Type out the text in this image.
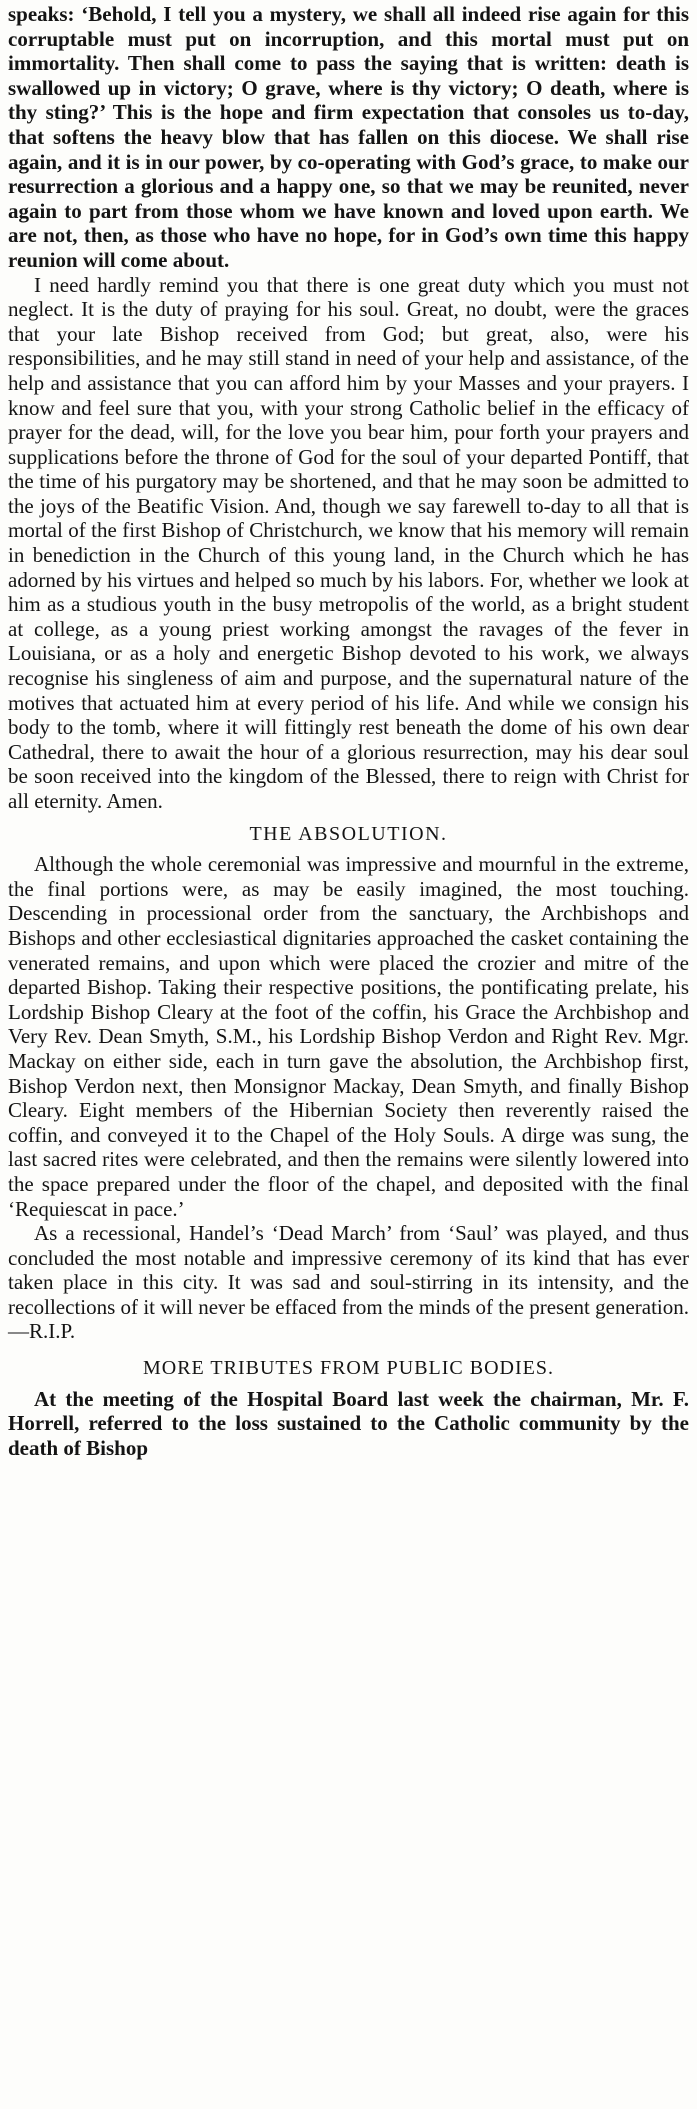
speaks: ‘Behold, I tell you a mystery, we shall all indeed rise again for this corruptable must put on incorruption, and this mortal must put on immortality. Then shall come to pass the saying that is written: death is swallowed up in victory; O grave, where is thy victory; O death, where is thy sting?’ This is the hope and firm expectation that consoles us to-day, that softens the heavy blow that has fallen on this diocese. We shall rise again, and it is in our power, by co-operating with God’s grace, to make our resurrection a glorious and a happy one, so that we may be reunited, never again to part from those whom we have known and loved upon earth. We are not, then, as those who have no hope, for in God’s own time this happy reunion will come about.

I need hardly remind you that there is one great duty which you must not neglect. It is the duty of praying for his soul. Great, no doubt, were the graces that your late Bishop received from God; but great, also, were his responsibilities, and he may still stand in need of your help and assistance, of the help and assistance that you can afford him by your Masses and your prayers. I know and feel sure that you, with your strong Catholic belief in the efficacy of prayer for the dead, will, for the love you bear him, pour forth your prayers and supplications before the throne of God for the soul of your departed Pontiff, that the time of his purgatory may be shortened, and that he may soon be admitted to the joys of the Beatific Vision. And, though we say farewell to-day to all that is mortal of the first Bishop of Christchurch, we know that his memory will remain in benediction in the Church of this young land, in the Church which he has adorned by his virtues and helped so much by his labors. For, whether we look at him as a studious youth in the busy metropolis of the world, as a bright student at college, as a young priest working amongst the ravages of the fever in Louisiana, or as a holy and energetic Bishop devoted to his work, we always recognise his singleness of aim and purpose, and the supernatural nature of the motives that actuated him at every period of his life. And while we consign his body to the tomb, where it will fittingly rest beneath the dome of his own dear Cathedral, there to await the hour of a glorious resurrection, may his dear soul be soon received into the kingdom of the Blessed, there to reign with Christ for all eternity. Amen.

THE ABSOLUTION.

Although the whole ceremonial was impressive and mournful in the extreme, the final portions were, as may be easily imagined, the most touching. Descending in processional order from the sanctuary, the Archbishops and Bishops and other ecclesiastical dignitaries approached the casket containing the venerated remains, and upon which were placed the crozier and mitre of the departed Bishop. Taking their respective positions, the pontificating prelate, his Lordship Bishop Cleary at the foot of the coffin, his Grace the Archbishop and Very Rev. Dean Smyth, S.M., his Lordship Bishop Verdon and Right Rev. Mgr. Mackay on either side, each in turn gave the absolution, the Archbishop first, Bishop Verdon next, then Monsignor Mackay, Dean Smyth, and finally Bishop Cleary. Eight members of the Hibernian Society then reverently raised the coffin, and conveyed it to the Chapel of the Holy Souls. A dirge was sung, the last sacred rites were celebrated, and then the remains were silently lowered into the space prepared under the floor of the chapel, and deposited with the final ‘Requiescat in pace.’

As a recessional, Handel’s ‘Dead March’ from ‘Saul’ was played, and thus concluded the most notable and impressive ceremony of its kind that has ever taken place in this city. It was sad and soul-stirring in its intensity, and the recollections of it will never be effaced from the minds of the present generation.—R.I.P.

MORE TRIBUTES FROM PUBLIC BODIES.

At the meeting of the Hospital Board last week the chairman, Mr. F. Horrell, referred to the loss sustained to the Catholic community by the death of Bishop
